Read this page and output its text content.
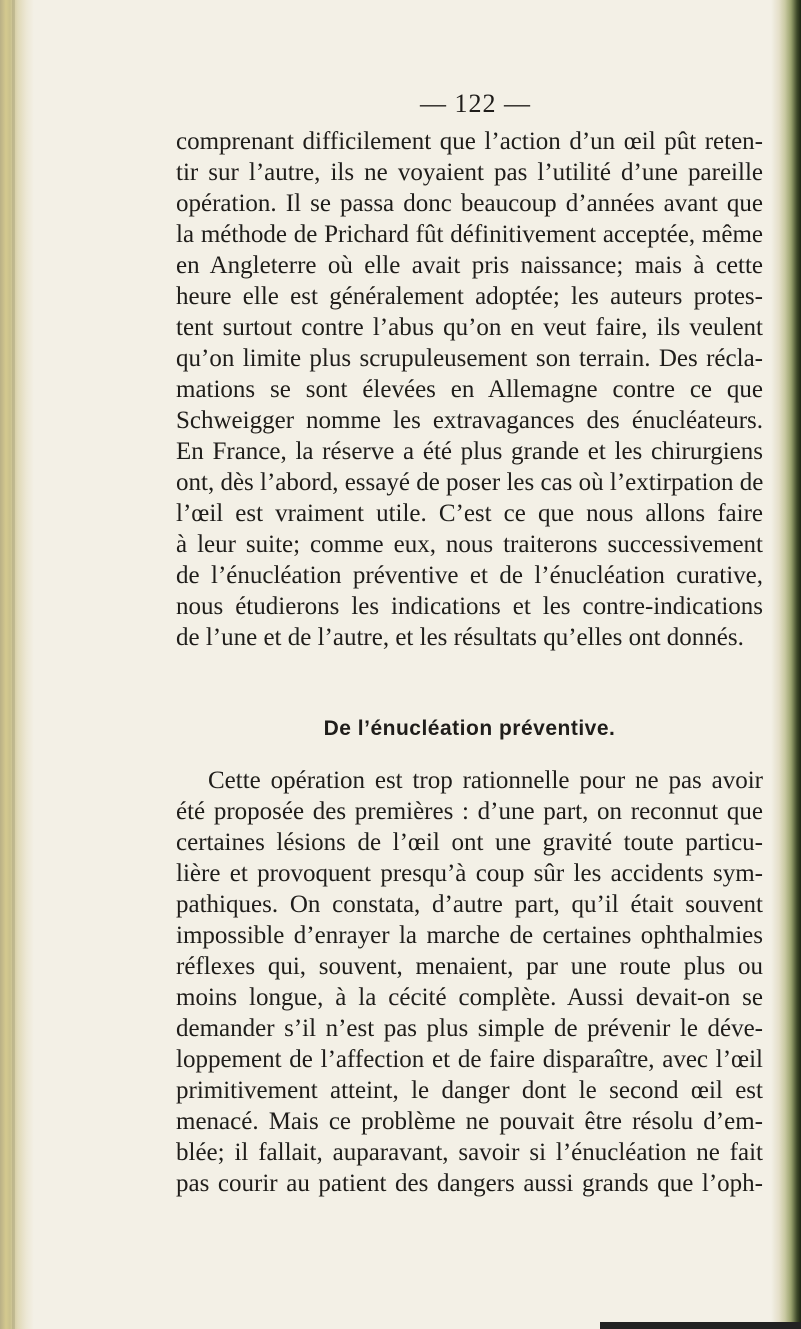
— 122 —

comprenant difficilement que l’action d’un œil pût reten-
tir sur l’autre, ils ne voyaient pas l’utilité d’une pareille
opération. Il se passa donc beaucoup d’années avant que
la méthode de Prichard fût définitivement acceptée, même
en Angleterre où elle avait pris naissance; mais à cette
heure elle est généralement adoptée; les auteurs protes-
tent surtout contre l’abus qu’on en veut faire, ils veulent
qu’on limite plus scrupuleusement son terrain. Des récla-
mations se sont élevées en Allemagne contre ce que
Schweigger nomme les extravagances des énucléateurs.
En France, la réserve a été plus grande et les chirurgiens
ont, dès l’abord, essayé de poser les cas où l’extirpation de
l’œil est vraiment utile. C’est ce que nous allons faire
à leur suite; comme eux, nous traiterons successivement
de l’énucléation préventive et de l’énucléation curative,
nous étudierons les indications et les contre-indications
de l’une et de l’autre, et les résultats qu’elles ont donnés.

De l’énucléation préventive.

Cette opération est trop rationnelle pour ne pas avoir
été proposée des premières : d’une part, on reconnut que
certaines lésions de l’œil ont une gravité toute particu-
lière et provoquent presqu’à coup sûr les accidents sym-
pathiques. On constata, d’autre part, qu’il était souvent
impossible d’enrayer la marche de certaines ophthalmies
réflexes qui, souvent, menaient, par une route plus ou
moins longue, à la cécité complète. Aussi devait-on se
demander s’il n’est pas plus simple de prévenir le déve-
loppement de l’affection et de faire disparaître, avec l’œil
primitivement atteint, le danger dont le second œil est
menacé. Mais ce problème ne pouvait être résolu d’em-
blée; il fallait, auparavant, savoir si l’énucléation ne fait
pas courir au patient des dangers aussi grands que l’oph-
